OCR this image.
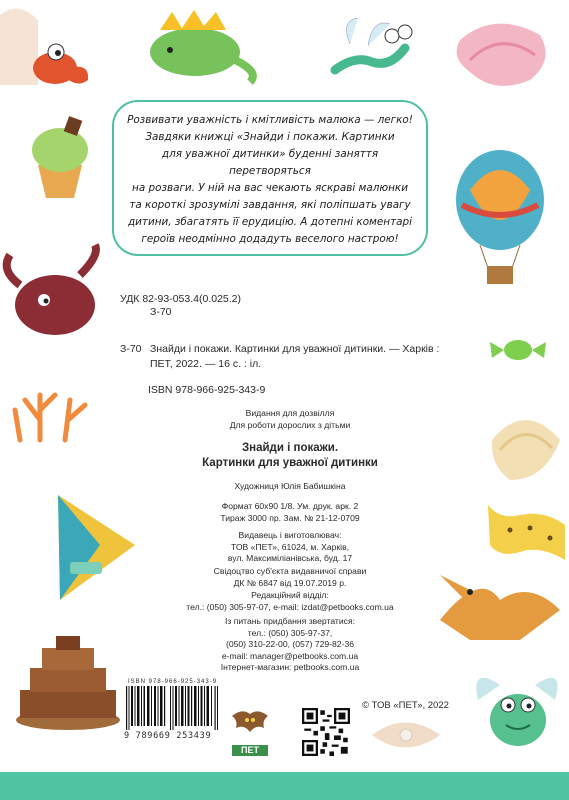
Розвивати уважність і кмітливість малюка — легко!
Завдяки книжці «Знайди і покажи. Картинки
для уважної дитинки» буденні заняття перетворяться
на розваги. У ній на вас чекають яскраві малюнки
та короткі зрозумілі завдання, які поліпшать увагу
дитини, збагатять її ерудицію. А дотепні коментарі
героїв неодмінно додадуть веселого настрою!
УДК 82-93-053.4(0.025.2)
З-70
З-70 Знайди і покажи. Картинки для уважної дитинки. — Харків : ПЕТ, 2022. — 16 с. : іл.
ISBN 978-966-925-343-9
Видання для дозвілля
Для роботи дорослих з дітьми
Знайди і покажи.
Картинки для уважної дитинки
Художниця Юлія Бабишкіна
Формат 60x90 1/8. Ум. друк. арк. 2
Тираж 3000 пр. Зам. № 21-12-0709
Видавець і виготовлювач:
ТОВ «ПЕТ», 61024, м. Харків,
вул. Максиміліанівська, буд. 17
Свідоцтво суб'єкта видавничої справи
ДК № 6847 від 19.07.2019 р.
Редакційний відділ:
тел.: (050) 305-97-07, e-mail: izdat@petbooks.com.ua
Із питань придбання звертатися:
тел.: (050) 305-97-37,
(050) 310-22-00, (057) 729-82-36
e-mail: manager@petbooks.com.ua
Інтернет-магазин: petbooks.com.ua
© ТОВ «ПЕТ», 2022
ISBN 978-966-925-343-9
9 789669 253439
ПЕТ
